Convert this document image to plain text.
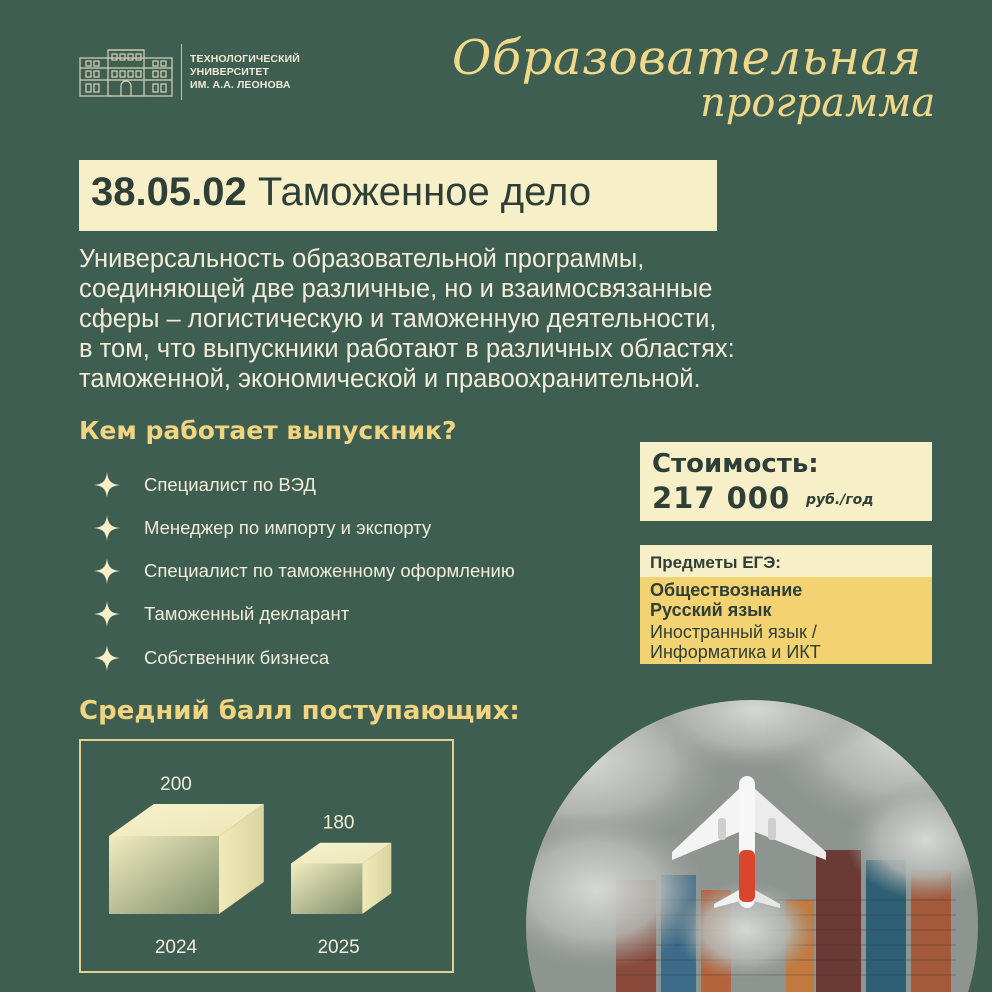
ТЕХНОЛОГИЧЕСКИЙ
УНИВЕРСИТЕТ
ИМ. А.А. ЛЕОНОВА	Образовательная
программа
38.05.02 Таможенное дело
Универсальность образовательной программы,
соединяющей две различные, но и взаимосвязанные
сферы – логистическую и таможенную деятельности,
в том, что выпускники работают в различных областях:
таможенной, экономической и правоохранительной.
Кем работает выпускник?
Специалист по ВЭД
Менеджер по импорту и экспорту
Специалист по таможенному оформлению
Таможенный декларант
Собственник бизнеса
Стоимость:
217 000 руб./год
Предметы ЕГЭ:
Обществознание
Русский язык
Иностранный язык /
Информатика и ИКТ
Средний балл поступающих:
200
2024
180
2025
